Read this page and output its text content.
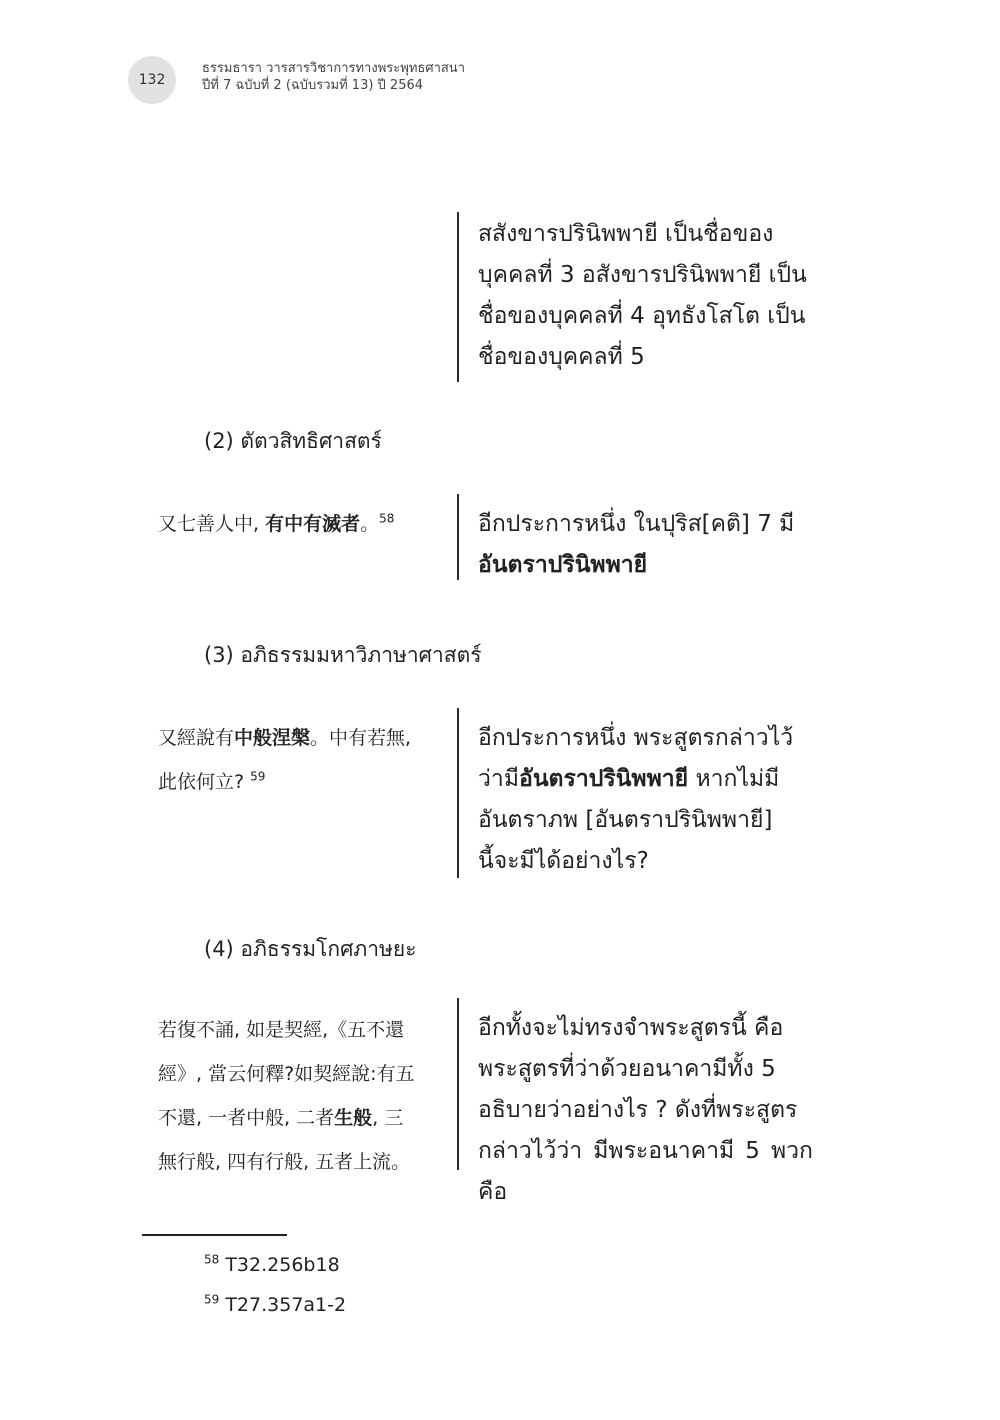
132
ธรรมธารา วารสารวิชาการทางพระพุทธศาสนา
ปีที่ 7 ฉบับที่ 2 (ฉบับรวมที่ 13) ปี 2564
สสังขารปรินิพพายี เป็นชื่อของ
บุคคลที่ 3 อสังขารปรินิพพายี เป็น
ชื่อของบุคคลที่ 4 อุทธังโสโต เป็น
ชื่อของบุคคลที่ 5
(2) ตัตวสิทธิศาสตร์
又七善人中, 有中有滅者。$^{58}$	อีกประการหนึ่ง ในปุริส[คติ] 7 มี
อันตราปรินิพพายี
(3) อภิธรรมมหาวิภาษาศาสตร์
又經說有中般涅槃。中有若無,
此依何立? $^{59}$
อีกประการหนึ่ง พระสูตรกล่าวไว้
ว่ามีอันตราปรินิพพายี หากไม่มี
อันตราภพ [อันตราปรินิพพายี]
นี้จะมีได้อย่างไร?
(4) อภิธรรมโกศภาษยะ
若復不誦, 如是契經,《五不還
經》, 當云何釋?如契經說:有五
不還, 一者中般, 二者生般, 三
無行般, 四有行般, 五者上流。
อีกทั้งจะไม่ทรงจำพระสูตรนี้ คือ
พระสูตรที่ว่าด้วยอนาคามีทั้ง 5
อธิบายว่าอย่างไร ? ดังที่พระสูตร
กล่าวไว้ว่า มีพระอนาคามี 5 พวก คือ
$^{58}$ T32.256b18
$^{59}$ T27.357a1-2
